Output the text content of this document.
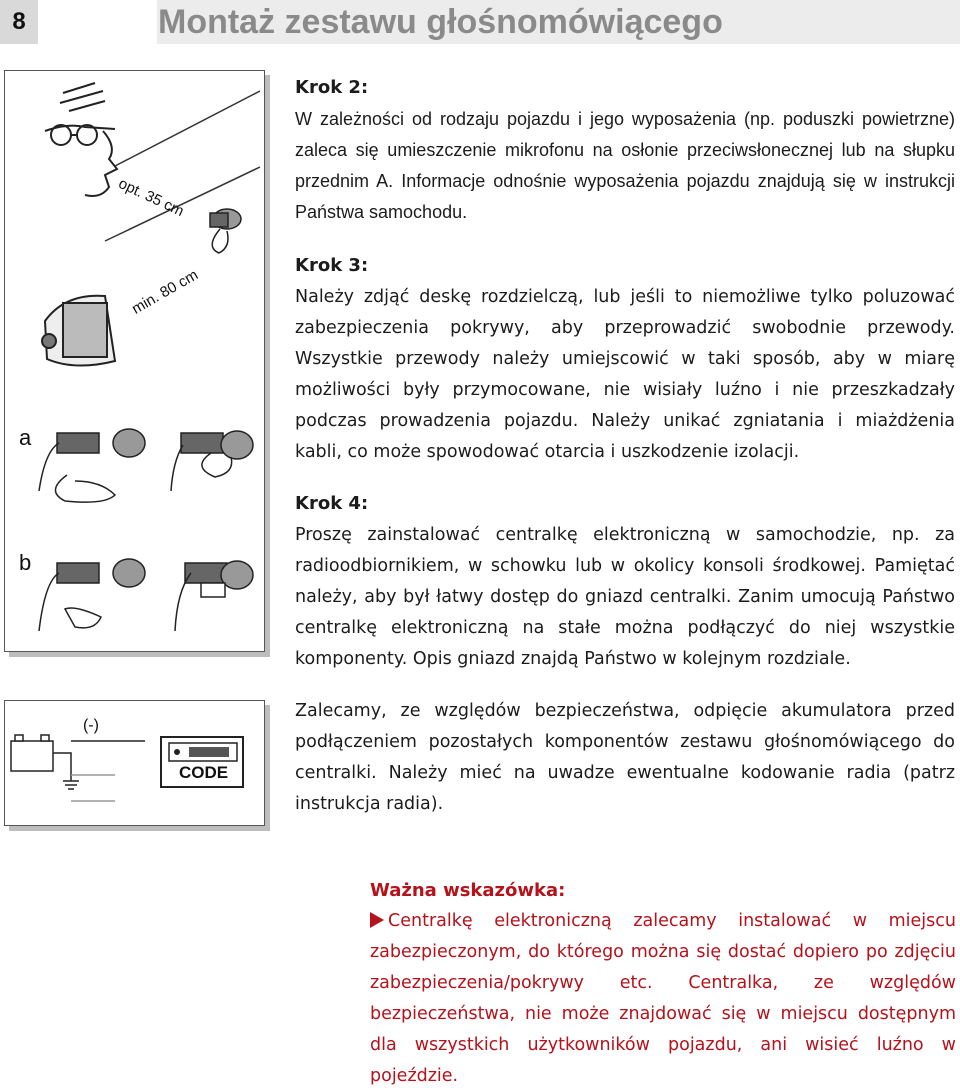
8	Montaż zestawu głośnomówiącego
opt. 35 cm
min. 80 cm
a
b
(-)
CODE
Krok 2:

W zależności od rodzaju pojazdu i jego wyposażenia (np. poduszki powietrzne) zaleca się umieszczenie mikrofonu na osłonie przeciwsłonecznej lub na słupku przednim A. Informacje odnośnie wyposażenia pojazdu znajdują się w instrukcji Państwa samochodu.

Krok 3:

Należy zdjąć deskę rozdzielczą, lub jeśli to niemożliwe tylko poluzować zabezpieczenia pokrywy, aby przeprowadzić swobodnie przewody. Wszystkie przewody należy umiejscowić w taki sposób, aby w miarę możliwości były przymocowane, nie wisiały luźno i nie przeszkadzały podczas prowadzenia pojazdu. Należy unikać zgniatania i miażdżenia kabli, co może spowodować otarcia i uszkodzenie izolacji.

Krok 4:

Proszę zainstalować centralkę elektroniczną w samochodzie, np. za radioodbiornikiem, w schowku lub w okolicy konsoli środkowej. Pamiętać należy, aby był łatwy dostęp do gniazd centralki. Zanim umocują Państwo centralkę elektroniczną na stałe można podłączyć do niej wszystkie komponenty. Opis gniazd znajdą Państwo w kolejnym rozdziale.

Zalecamy, ze względów bezpieczeństwa, odpięcie akumulatora przed podłączeniem pozostałych komponentów zestawu głośnomówiącego do centralki. Należy mieć na uwadze ewentualne kodowanie radia (patrz instrukcja radia).

Ważna wskazówka:

Centralkę elektroniczną zalecamy instalować w miejscu zabezpieczonym, do którego można się dostać dopiero po zdjęciu zabezpieczenia/pokrywy etc. Centralka, ze względów bezpieczeństwa, nie może znajdować się w miejscu dostępnym dla wszystkich użytkowników pojazdu, ani wisieć luźno w pojeździe.
